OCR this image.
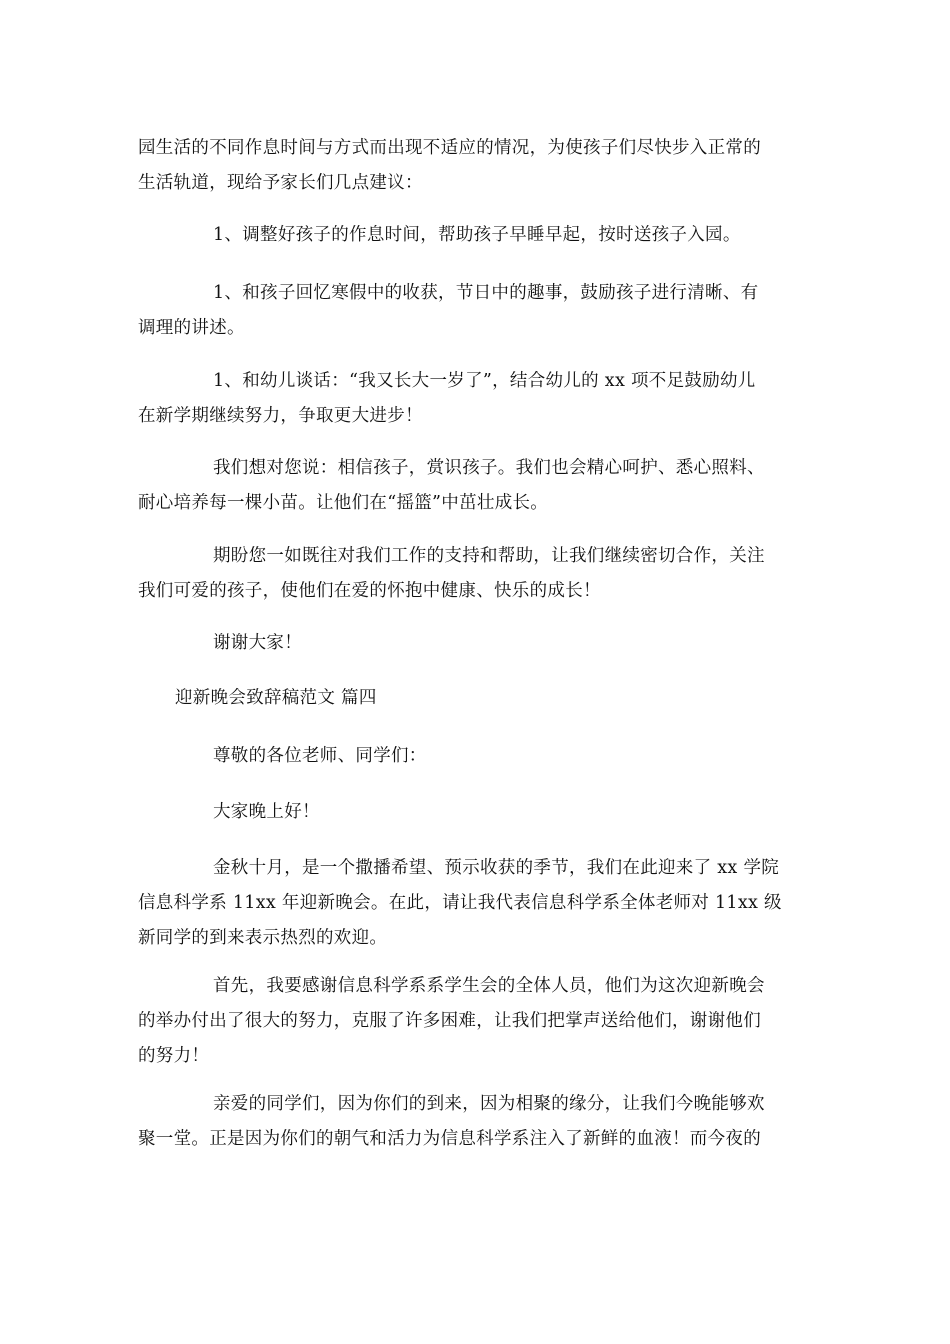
园生活的不同作息时间与方式而出现不适应的情况，为使孩子们尽快步入正常的
生活轨道，现给予家长们几点建议：

1、调整好孩子的作息时间，帮助孩子早睡早起，按时送孩子入园。

1、和孩子回忆寒假中的收获，节日中的趣事，鼓励孩子进行清晰、有
调理的讲述。

1、和幼儿谈话：“我又长大一岁了”，结合幼儿的 xx 项不足鼓励幼儿
在新学期继续努力，争取更大进步！

我们想对您说：相信孩子，赏识孩子。我们也会精心呵护、悉心照料、
耐心培养每一棵小苗。让他们在“摇篮”中茁壮成长。

期盼您一如既往对我们工作的支持和帮助，让我们继续密切合作，关注
我们可爱的孩子，使他们在爱的怀抱中健康、快乐的成长！

谢谢大家！

迎新晚会致辞稿范文 篇四

尊敬的各位老师、同学们：

大家晚上好！

金秋十月，是一个撒播希望、预示收获的季节，我们在此迎来了 xx 学院
信息科学系 11xx 年迎新晚会。在此，请让我代表信息科学系全体老师对 11xx 级
新同学的到来表示热烈的欢迎。

首先，我要感谢信息科学系系学生会的全体人员，他们为这次迎新晚会
的举办付出了很大的努力，克服了许多困难，让我们把掌声送给他们，谢谢他们
的努力！

亲爱的同学们，因为你们的到来，因为相聚的缘分，让我们今晚能够欢
聚一堂。正是因为你们的朝气和活力为信息科学系注入了新鲜的血液！而今夜的
